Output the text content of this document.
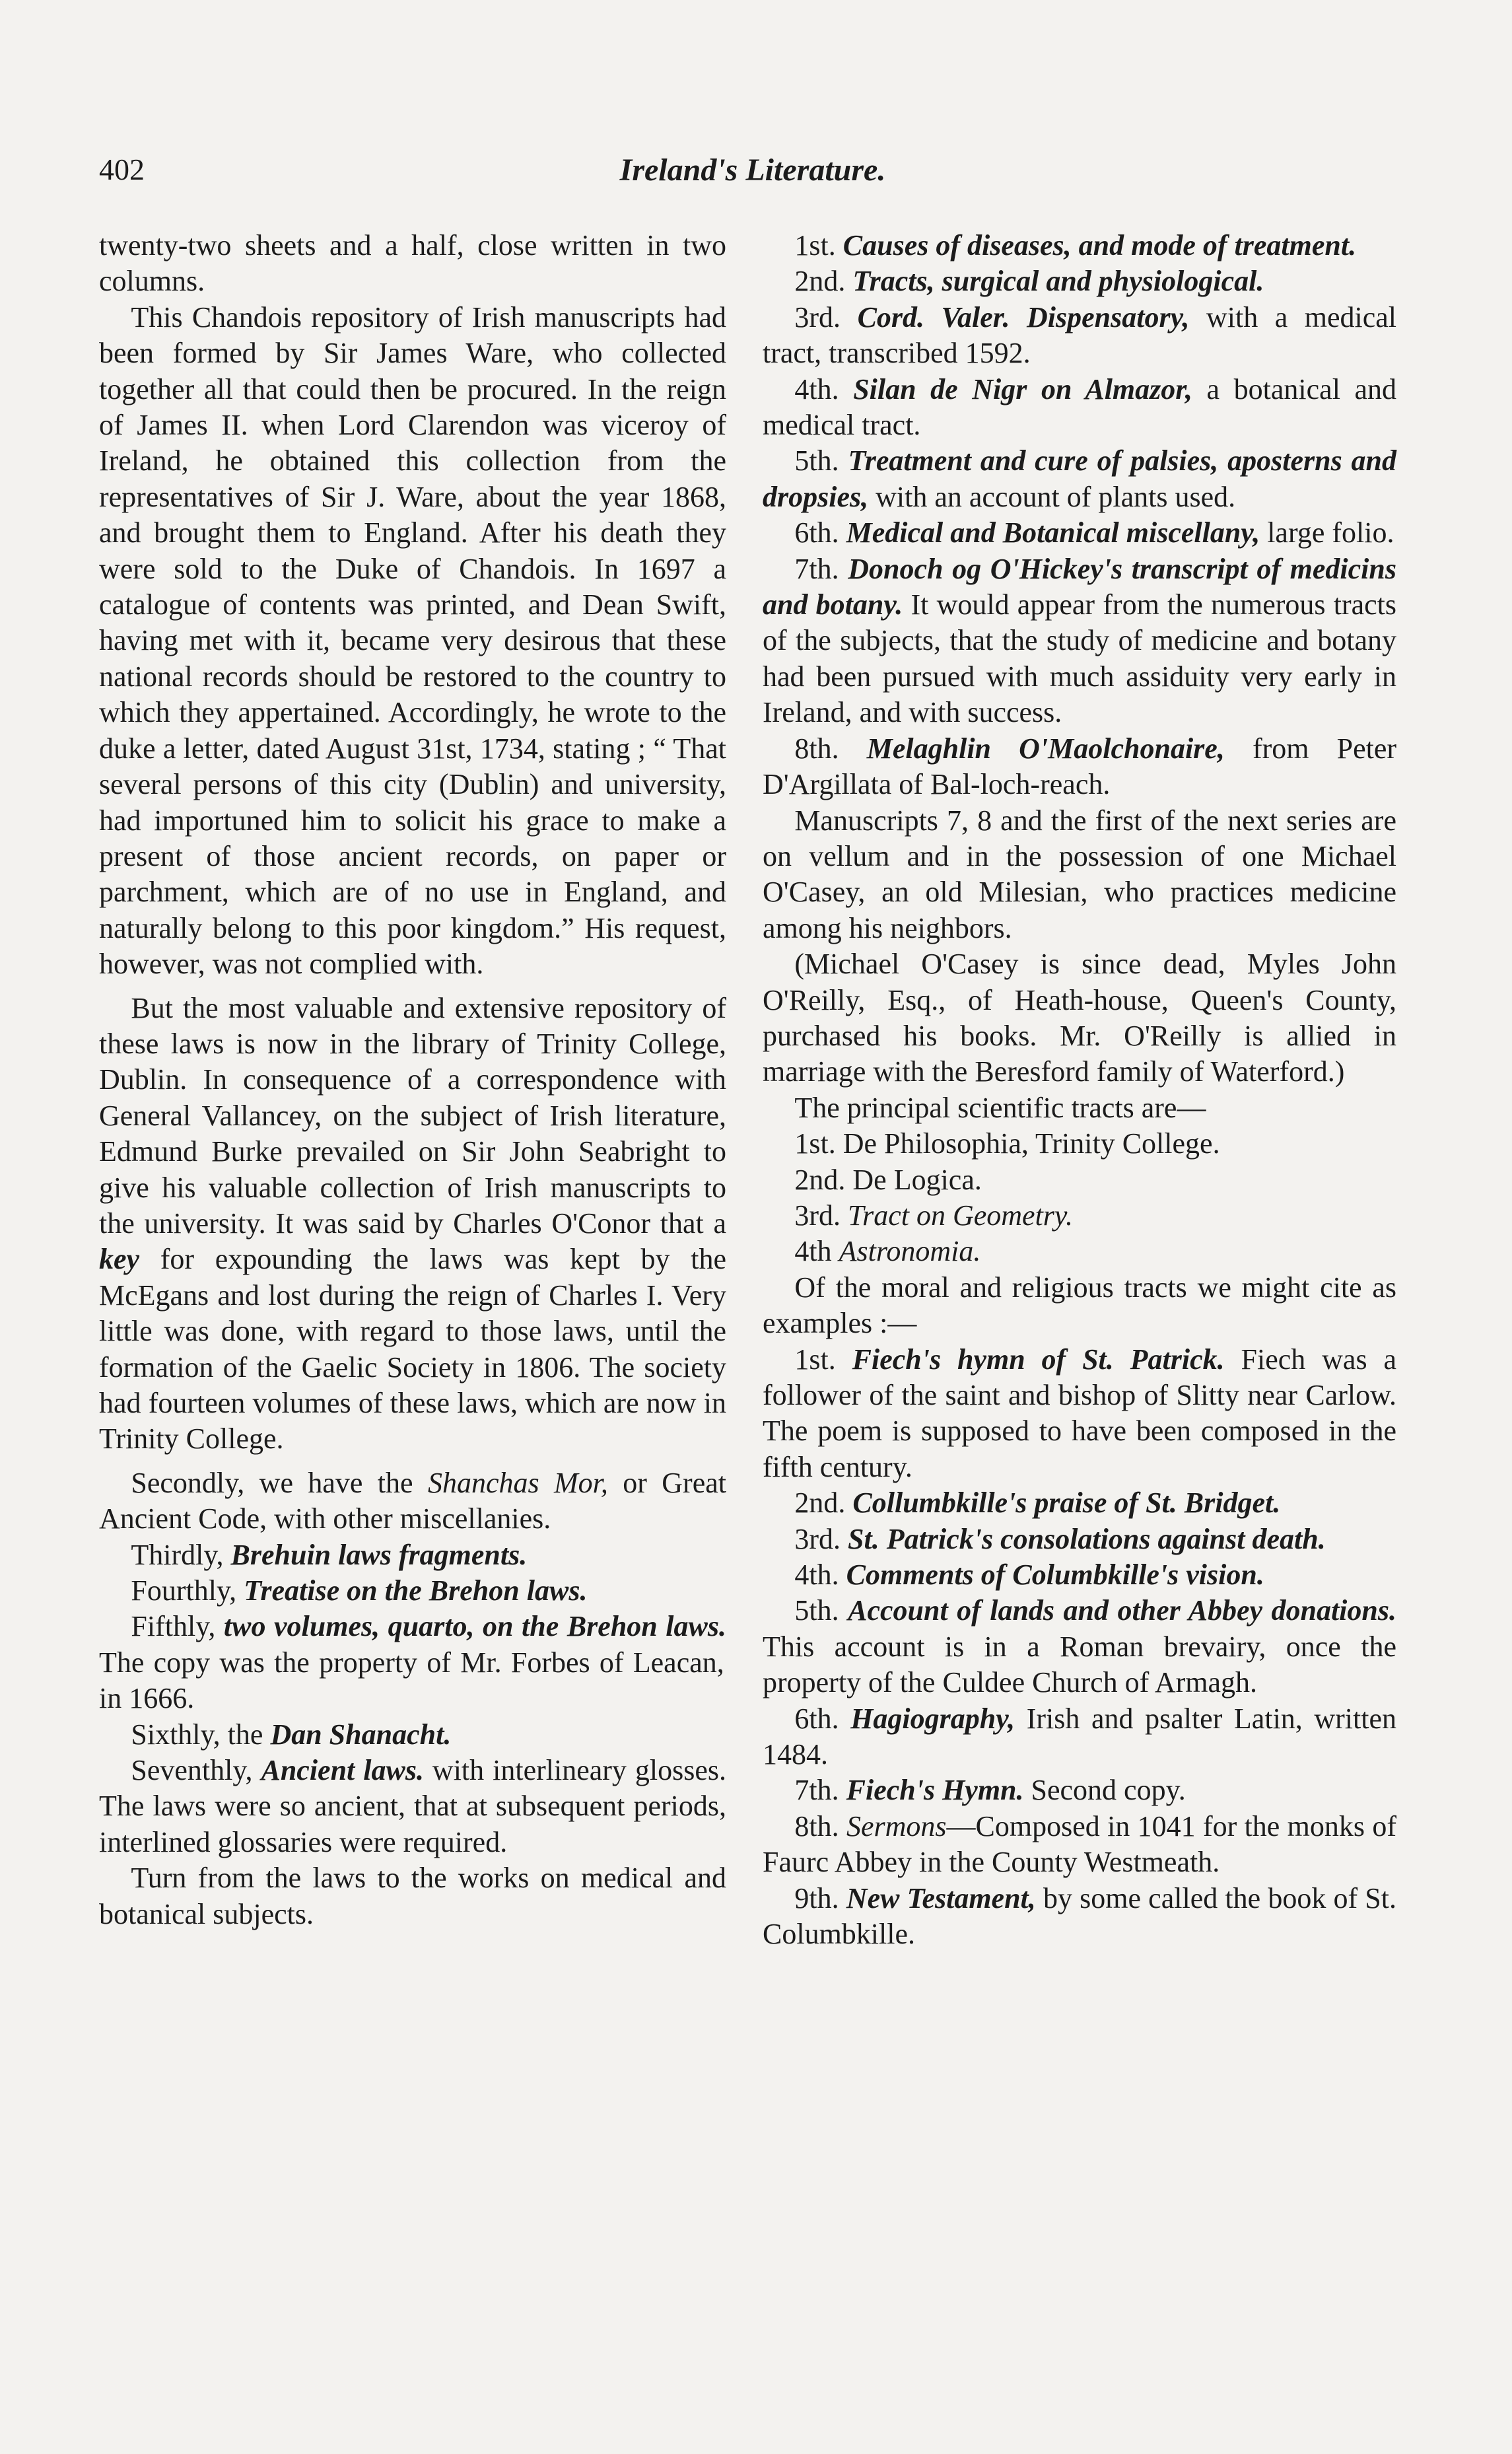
402	Ireland's Literature.

twenty-two sheets and a half, close written in two columns.

This Chandois repository of Irish manuscripts had been formed by Sir James Ware, who collected together all that could then be procured. In the reign of James II. when Lord Clarendon was viceroy of Ireland, he obtained this collection from the representatives of Sir J. Ware, about the year 1868, and brought them to England. After his death they were sold to the Duke of Chandois. In 1697 a catalogue of contents was printed, and Dean Swift, having met with it, became very desirous that these national records should be restored to the country to which they appertained. Accordingly, he wrote to the duke a letter, dated August 31st, 1734, stating ; “ That several persons of this city (Dublin) and university, had importuned him to solicit his grace to make a present of those ancient records, on paper or parchment, which are of no use in England, and naturally belong to this poor kingdom.” His request, however, was not complied with.

But the most valuable and extensive repository of these laws is now in the library of Trinity College, Dublin. In consequence of a correspondence with General Vallancey, on the subject of Irish literature, Edmund Burke prevailed on Sir John Seabright to give his valuable collection of Irish manuscripts to the university. It was said by Charles O'Conor that a key for expounding the laws was kept by the McEgans and lost during the reign of Charles I. Very little was done, with regard to those laws, until the formation of the Gaelic Society in 1806. The society had fourteen volumes of these laws, which are now in Trinity College.

Secondly, we have the Shanchas Mor, or Great Ancient Code, with other miscellanies.

Thirdly, Brehuin laws fragments.

Fourthly, Treatise on the Brehon laws.

Fifthly, two volumes, quarto, on the Brehon laws. The copy was the property of Mr. Forbes of Leacan, in 1666.

Sixthly, the Dan Shanacht.

Seventhly, Ancient laws. with interlineary glosses. The laws were so ancient, that at subsequent periods, interlined glossaries were required.

Turn from the laws to the works on medical and botanical subjects.

1st. Causes of diseases, and mode of treatment.

2nd. Tracts, surgical and physiological.

3rd. Cord. Valer. Dispensatory, with a medical tract, transcribed 1592.

4th. Silan de Nigr on Almazor, a botanical and medical tract.

5th. Treatment and cure of palsies, aposterns and dropsies, with an account of plants used.

6th. Medical and Botanical miscellany, large folio.

7th. Donoch og O'Hickey's transcript of medicins and botany. It would appear from the numerous tracts of the subjects, that the study of medicine and botany had been pursued with much assiduity very early in Ireland, and with success.

8th. Melaghlin O'Maolchonaire, from Peter D'Argillata of Bal-loch-reach.

Manuscripts 7, 8 and the first of the next series are on vellum and in the possession of one Michael O'Casey, an old Milesian, who practices medicine among his neighbors.

(Michael O'Casey is since dead, Myles John O'Reilly, Esq., of Heath-house, Queen's County, purchased his books. Mr. O'Reilly is allied in marriage with the Beresford family of Waterford.)

The principal scientific tracts are—

1st. De Philosophia, Trinity College.

2nd. De Logica.

3rd. Tract on Geometry.

4th Astronomia.

Of the moral and religious tracts we might cite as examples :—

1st. Fiech's hymn of St. Patrick. Fiech was a follower of the saint and bishop of Slitty near Carlow. The poem is supposed to have been composed in the fifth century.

2nd. Collumbkille's praise of St. Bridget.

3rd. St. Patrick's consolations against death.

4th. Comments of Columbkille's vision.

5th. Account of lands and other Abbey donations. This account is in a Roman brevairy, once the property of the Culdee Church of Armagh.

6th. Hagiography, Irish and psalter Latin, written 1484.

7th. Fiech's Hymn. Second copy.

8th. Sermons—Composed in 1041 for the monks of Faurc Abbey in the County Westmeath.

9th. New Testament, by some called the book of St. Columbkille.
